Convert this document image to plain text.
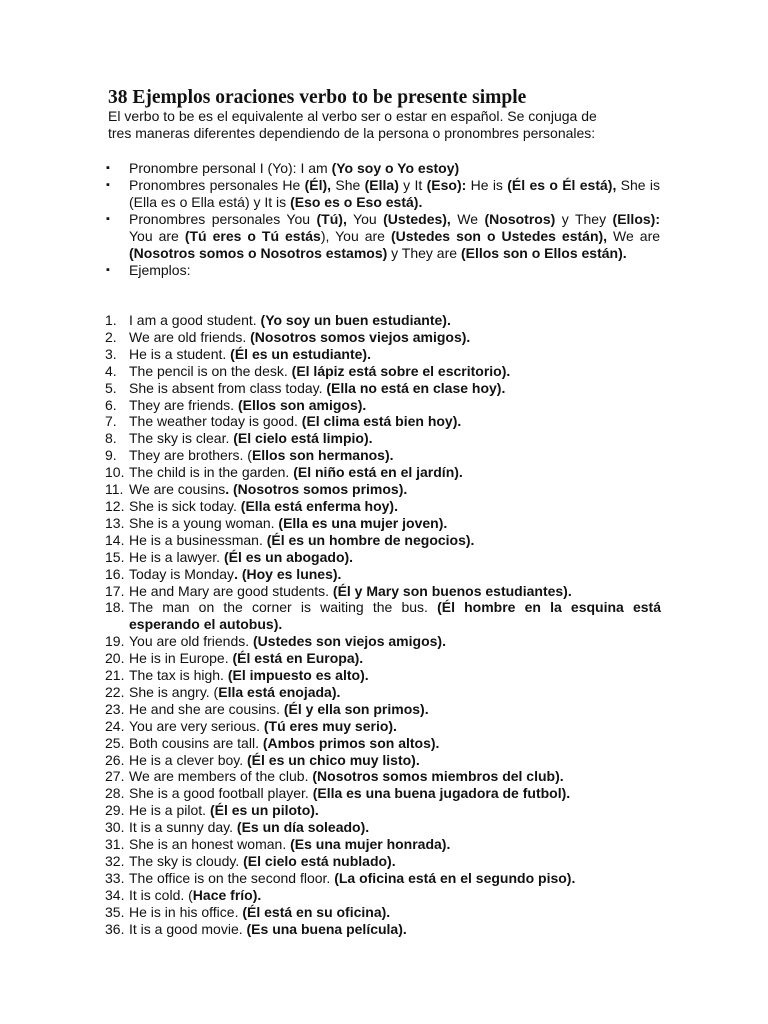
38 Ejemplos oraciones verbo to be presente simple
El verbo to be es el equivalente al verbo ser o estar en español. Se conjuga de
tres maneras diferentes dependiendo de la persona o pronombres personales:
▪ Pronombre personal I (Yo): I am (Yo soy o Yo estoy)
▪ Pronombres personales He (Él), She (Ella) y It (Eso): He is (Él es o Él está), She is (Ella es o Ella está) y It is (Eso es o Eso está).
▪ Pronombres personales You (Tú), You (Ustedes), We (Nosotros) y They (Ellos): You are (Tú eres o Tú estás), You are (Ustedes son o Ustedes están), We are (Nosotros somos o Nosotros estamos) y They are (Ellos son o Ellos están).
▪ Ejemplos:
1. I am a good student. (Yo soy un buen estudiante).
2. We are old friends. (Nosotros somos viejos amigos).
3. He is a student. (Él es un estudiante).
4. The pencil is on the desk. (El lápiz está sobre el escritorio).
5. She is absent from class today. (Ella no está en clase hoy).
6. They are friends. (Ellos son amigos).
7. The weather today is good. (El clima está bien hoy).
8. The sky is clear. (El cielo está limpio).
9. They are brothers. (Ellos son hermanos).
10. The child is in the garden. (El niño está en el jardín).
11. We are cousins. (Nosotros somos primos).
12. She is sick today. (Ella está enferma hoy).
13. She is a young woman. (Ella es una mujer joven).
14. He is a businessman. (Él es un hombre de negocios).
15. He is a lawyer. (Él es un abogado).
16. Today is Monday. (Hoy es lunes).
17. He and Mary are good students. (Él y Mary son buenos estudiantes).
18. The man on the corner is waiting the bus. (Él hombre en la esquina está esperando el autobus).
19. You are old friends. (Ustedes son viejos amigos).
20. He is in Europe. (Él está en Europa).
21. The tax is high. (El impuesto es alto).
22. She is angry. (Ella está enojada).
23. He and she are cousins. (Él y ella son primos).
24. You are very serious. (Tú eres muy serio).
25. Both cousins are tall. (Ambos primos son altos).
26. He is a clever boy. (Él es un chico muy listo).
27. We are members of the club. (Nosotros somos miembros del club).
28. She is a good football player. (Ella es una buena jugadora de futbol).
29. He is a pilot. (Él es un piloto).
30. It is a sunny day. (Es un día soleado).
31. She is an honest woman. (Es una mujer honrada).
32. The sky is cloudy. (El cielo está nublado).
33. The office is on the second floor. (La oficina está en el segundo piso).
34. It is cold. (Hace frío).
35. He is in his office. (Él está en su oficina).
36. It is a good movie. (Es una buena película).
